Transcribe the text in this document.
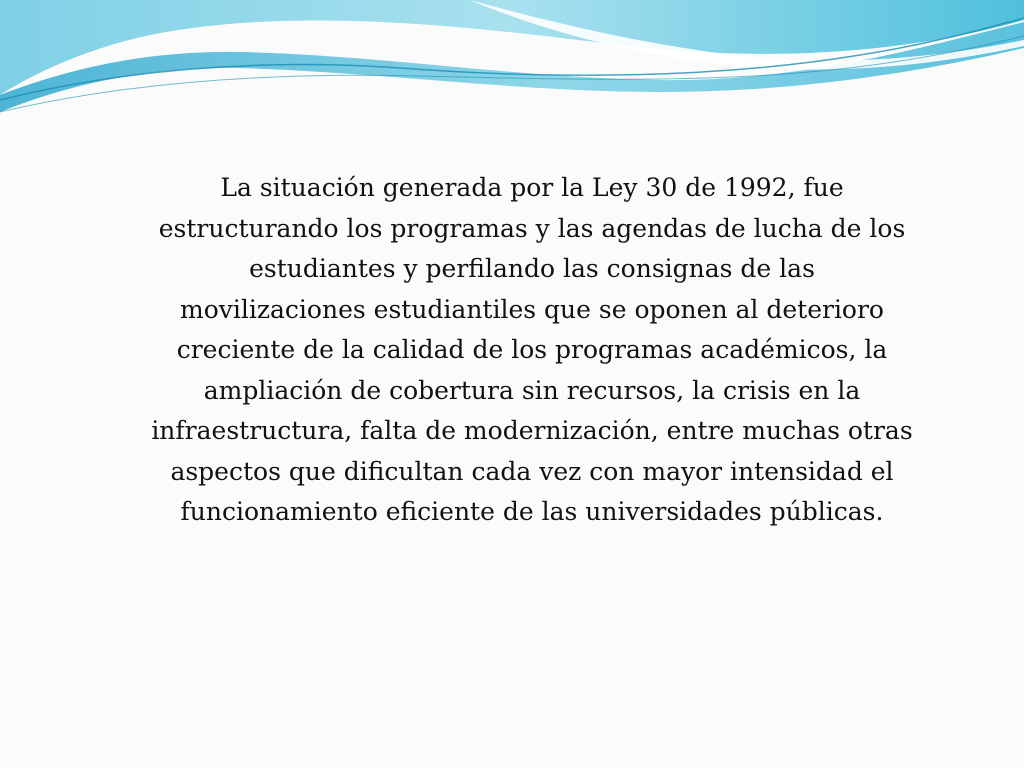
La situación generada por la Ley 30 de 1992, fue
estructurando los programas y las agendas de lucha de los
estudiantes y perfilando las consignas de las
movilizaciones estudiantiles que se oponen al deterioro
creciente de la calidad de los programas académicos, la
ampliación de cobertura sin recursos, la crisis en la
infraestructura, falta de modernización, entre muchas otras
aspectos que dificultan cada vez con mayor intensidad el
funcionamiento eficiente de las universidades públicas.
